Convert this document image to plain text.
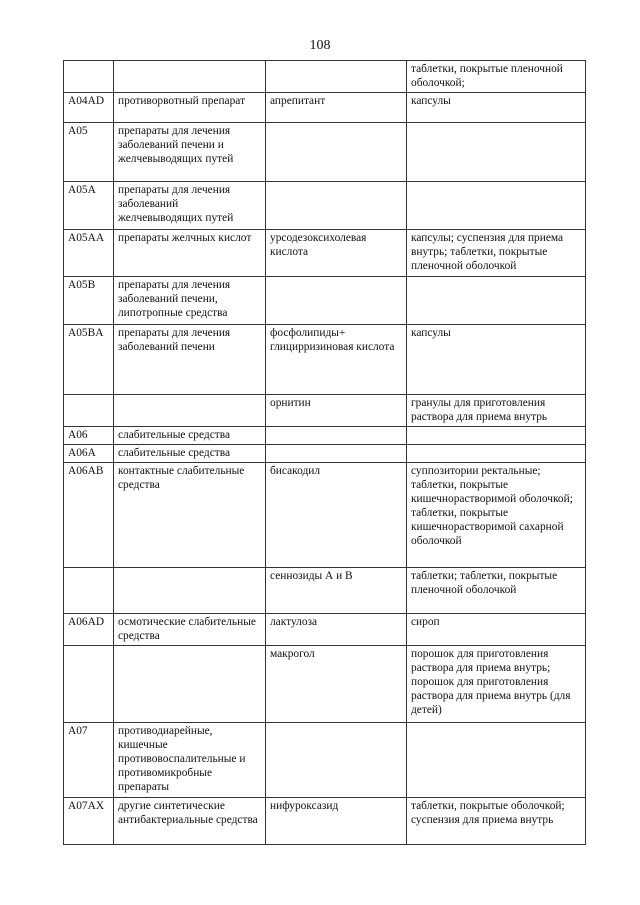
108
			таблетки, покрытые пленочной оболочкой;
A04AD	противорвотный препарат	апрепитант	капсулы
A05	препараты для лечения заболеваний печени и желчевыводящих путей		
A05A	препараты для лечения заболеваний желчевыводящих путей		
A05AA	препараты желчных кислот	урсодезоксихолевая кислота	капсулы; суспензия для приема внутрь; таблетки, покрытые пленочной оболочкой
A05B	препараты для лечения заболеваний печени, липотропные средства		
A05BA	препараты для лечения заболеваний печени	фосфолипиды+ глицирризиновая кислота	капсулы
		орнитин	гранулы для приготовления раствора для приема внутрь
A06	слабительные средства		
A06A	слабительные средства		
A06AB	контактные слабительные средства	бисакодил	суппозитории ректальные; таблетки, покрытые кишечнорастворимой оболочкой; таблетки, покрытые кишечнорастворимой сахарной оболочкой
		сеннозиды А и В	таблетки; таблетки, покрытые пленочной оболочкой
A06AD	осмотические слабительные средства	лактулоза	сироп
		макрогол	порошок для приготовления раствора для приема внутрь; порошок для приготовления раствора для приема внутрь (для детей)
A07	противодиарейные, кишечные противовоспалительные и противомикробные препараты		
A07AX	другие синтетические антибактериальные средства	нифуроксазид	таблетки, покрытые оболочкой; суспензия для приема внутрь
